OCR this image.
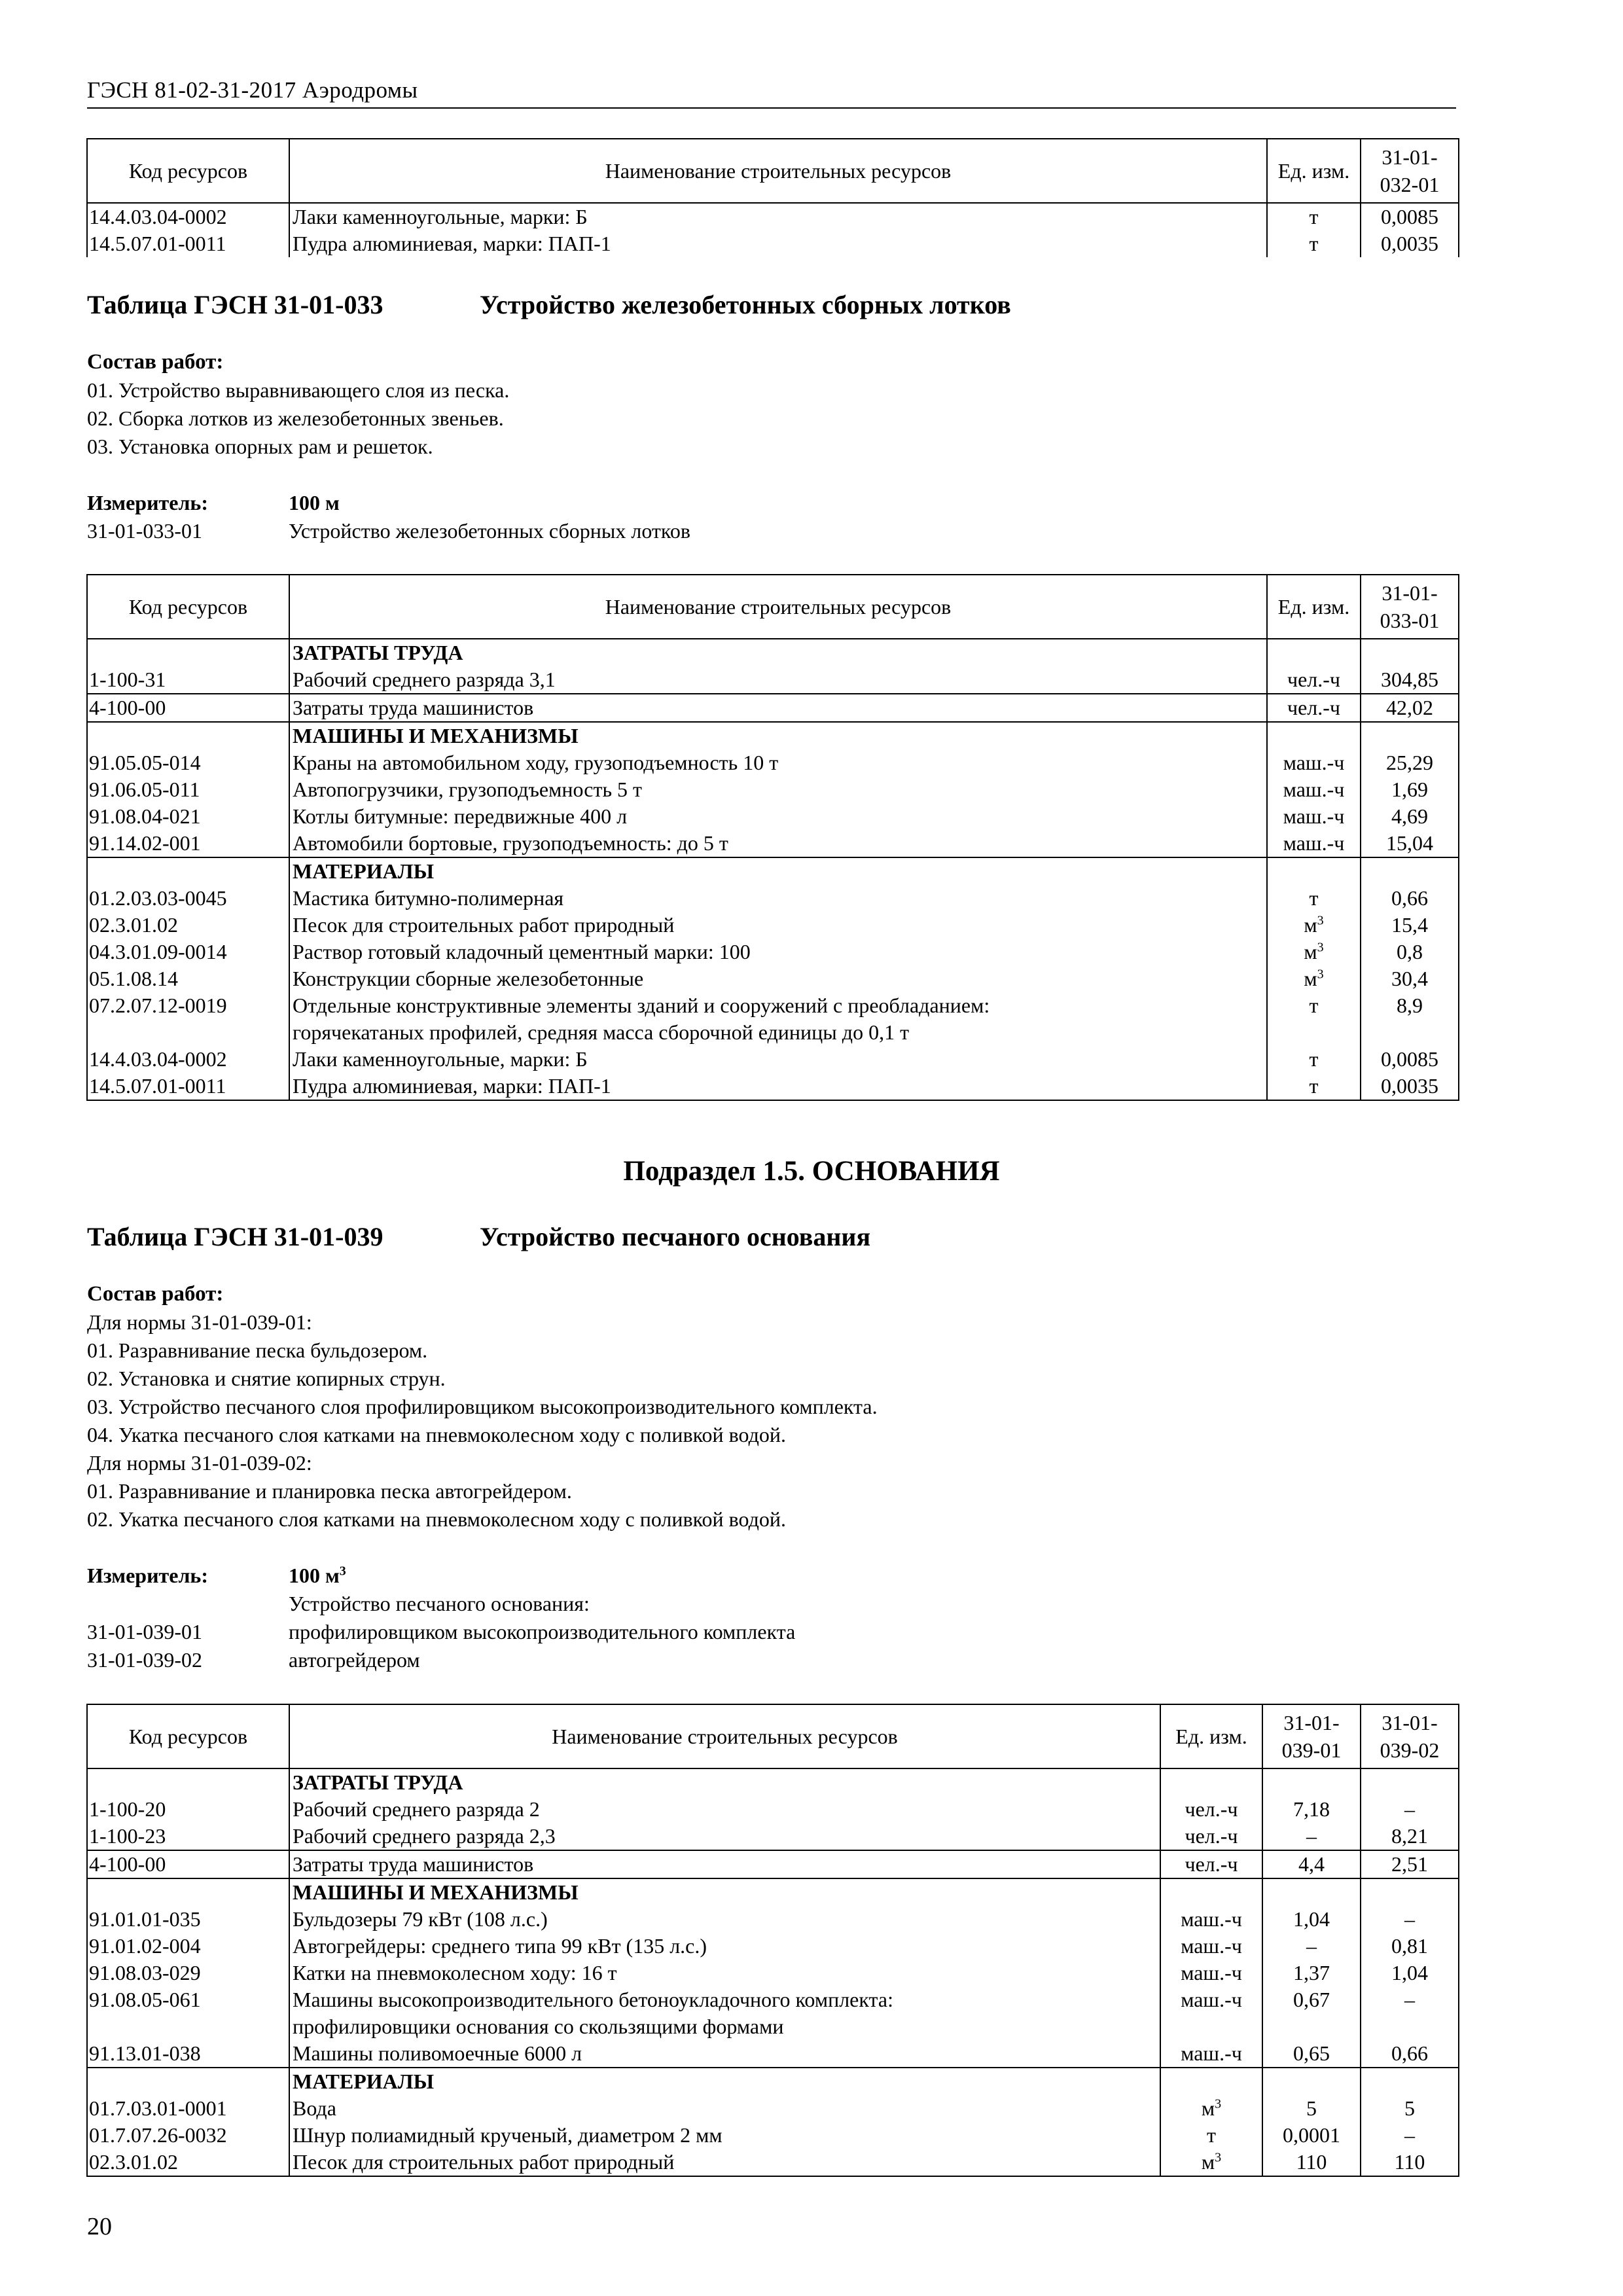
ГЭСН 81-02-31-2017 Аэродромы
Код ресурсов	Наименование строительных ресурсов	Ед. изм.	31-01-
032-01
14.4.03.04-0002	Лаки каменноугольные, марки: Б	т	0,0085
14.5.07.01-0011	Пудра алюминиевая, марки: ПАП-1	т	0,0035
Таблица ГЭСН 31-01-033	Устройство железобетонных сборных лотков
Состав работ:
01. Устройство выравнивающего слоя из песка.
02. Сборка лотков из железобетонных звеньев.
03. Установка опорных рам и решеток.
Измеритель:	100 м
31-01-033-01	Устройство железобетонных сборных лотков
Код ресурсов	Наименование строительных ресурсов	Ед. изм.	31-01-
033-01
	ЗАТРАТЫ ТРУДА		
1-100-31	Рабочий среднего разряда 3,1	чел.-ч	304,85
4-100-00	Затраты труда машинистов	чел.-ч	42,02
	МАШИНЫ И МЕХАНИЗМЫ		
91.05.05-014	Краны на автомобильном ходу, грузоподъемность 10 т	маш.-ч	25,29
91.06.05-011	Автопогрузчики, грузоподъемность 5 т	маш.-ч	1,69
91.08.04-021	Котлы битумные: передвижные 400 л	маш.-ч	4,69
91.14.02-001	Автомобили бортовые, грузоподъемность: до 5 т	маш.-ч	15,04
	МАТЕРИАЛЫ		
01.2.03.03-0045	Мастика битумно-полимерная	т	0,66
02.3.01.02	Песок для строительных работ природный	$м^3$	15,4
04.3.01.09-0014	Раствор готовый кладочный цементный марки: 100	$м^3$	0,8
05.1.08.14	Конструкции сборные железобетонные	$м^3$	30,4
07.2.07.12-0019	Отдельные конструктивные элементы зданий и сооружений с преобладанием:	т	8,9
	горячекатаных профилей, средняя масса сборочной единицы до 0,1 т		
14.4.03.04-0002	Лаки каменноугольные, марки: Б	т	0,0085
14.5.07.01-0011	Пудра алюминиевая, марки: ПАП-1	т	0,0035
Подраздел 1.5. ОСНОВАНИЯ
Таблица ГЭСН 31-01-039	Устройство песчаного основания
Состав работ:
Для нормы 31-01-039-01:
01. Разравнивание песка бульдозером.
02. Установка и снятие копирных струн.
03. Устройство песчаного слоя профилировщиком высокопроизводительного комплекта.
04. Укатка песчаного слоя катками на пневмоколесном ходу с поливкой водой.
Для нормы 31-01-039-02:
01. Разравнивание и планировка песка автогрейдером.
02. Укатка песчаного слоя катками на пневмоколесном ходу с поливкой водой.
Измеритель:	100 $м^3$
Устройство песчаного основания:
31-01-039-01	профилировщиком высокопроизводительного комплекта
31-01-039-02	автогрейдером
Код ресурсов	Наименование строительных ресурсов	Ед. изм.	31-01-
039-01	31-01-
039-02
	ЗАТРАТЫ ТРУДА			
1-100-20	Рабочий среднего разряда 2	чел.-ч	7,18	–
1-100-23	Рабочий среднего разряда 2,3	чел.-ч	–	8,21
4-100-00	Затраты труда машинистов	чел.-ч	4,4	2,51
	МАШИНЫ И МЕХАНИЗМЫ			
91.01.01-035	Бульдозеры 79 кВт (108 л.с.)	маш.-ч	1,04	–
91.01.02-004	Автогрейдеры: среднего типа 99 кВт (135 л.с.)	маш.-ч	–	0,81
91.08.03-029	Катки на пневмоколесном ходу: 16 т	маш.-ч	1,37	1,04
91.08.05-061	Машины высокопроизводительного бетоноукладочного комплекта:	маш.-ч	0,67	–
	профилировщики основания со скользящими формами			
91.13.01-038	Машины поливомоечные 6000 л	маш.-ч	0,65	0,66
	МАТЕРИАЛЫ			
01.7.03.01-0001	Вода	$м^3$	5	5
01.7.07.26-0032	Шнур полиамидный крученый, диаметром 2 мм	т	0,0001	–
02.3.01.02	Песок для строительных работ природный	$м^3$	110	110
20
